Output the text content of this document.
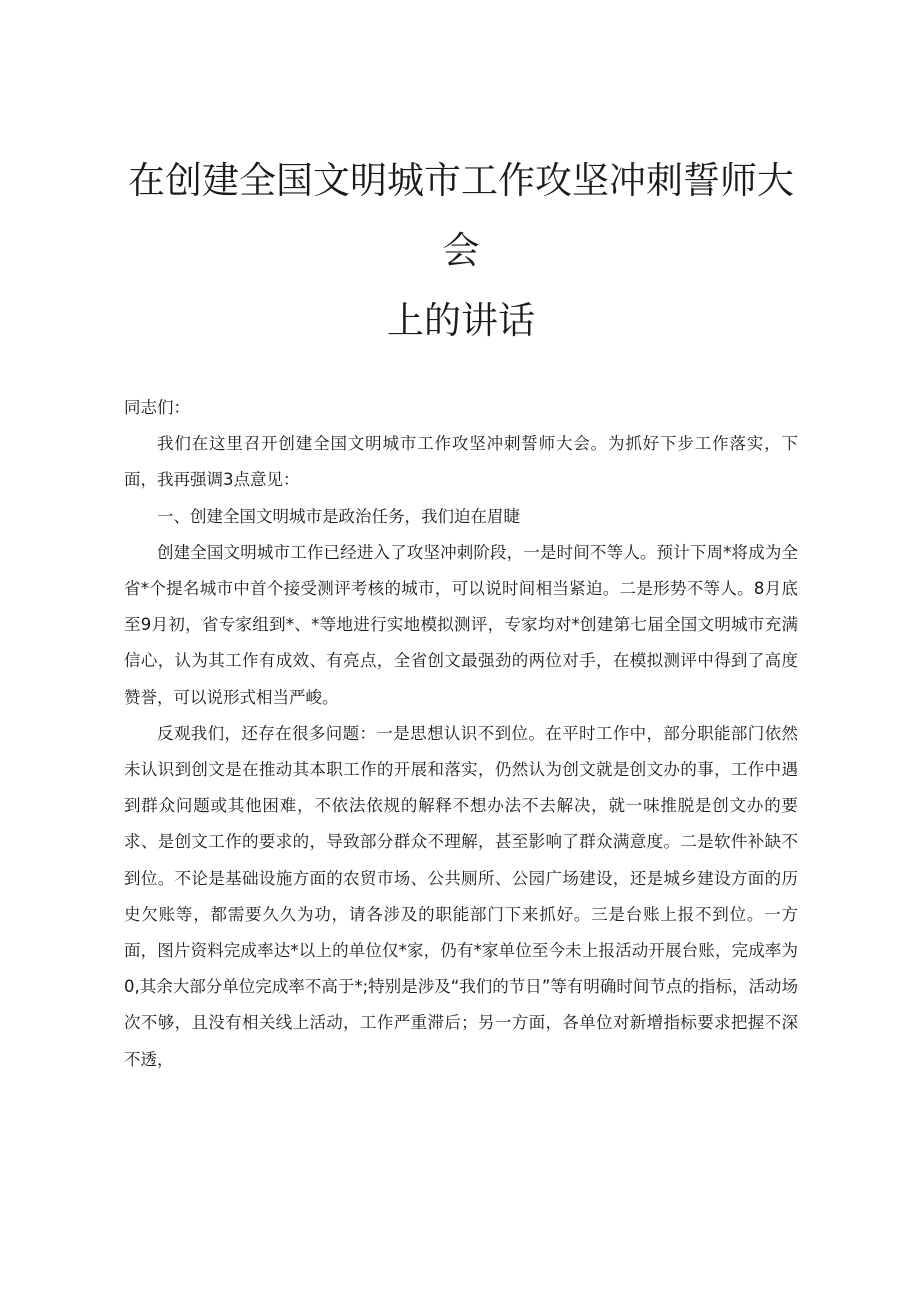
在创建全国文明城市工作攻坚冲刺誓师大会
上的讲话

同志们：

我们在这里召开创建全国文明城市工作攻坚冲刺誓师大会。为抓好下步工作落实，下面，我再强调3点意见：

一、创建全国文明城市是政治任务，我们迫在眉睫

创建全国文明城市工作已经进入了攻坚冲刺阶段，一是时间不等人。预计下周*将成为全省*个提名城市中首个接受测评考核的城市，可以说时间相当紧迫。二是形势不等人。8月底至9月初，省专家组到*、*等地进行实地模拟测评，专家均对*创建第七届全国文明城市充满信心，认为其工作有成效、有亮点，全省创文最强劲的两位对手，在模拟测评中得到了高度赞誉，可以说形式相当严峻。

反观我们，还存在很多问题：一是思想认识不到位。在平时工作中，部分职能部门依然未认识到创文是在推动其本职工作的开展和落实，仍然认为创文就是创文办的事，工作中遇到群众问题或其他困难，不依法依规的解释不想办法不去解决，就一味推脱是创文办的要求、是创文工作的要求的，导致部分群众不理解，甚至影响了群众满意度。二是软件补缺不到位。不论是基础设施方面的农贸市场、公共厕所、公园广场建设，还是城乡建设方面的历史欠账等，都需要久久为功，请各涉及的职能部门下来抓好。三是台账上报不到位。一方面，图片资料完成率达*以上的单位仅*家，仍有*家单位至今未上报活动开展台账，完成率为0,其余大部分单位完成率不高于*;特别是涉及“我们的节日”等有明确时间节点的指标，活动场次不够，且没有相关线上活动，工作严重滞后；另一方面，各单位对新增指标要求把握不深不透，
